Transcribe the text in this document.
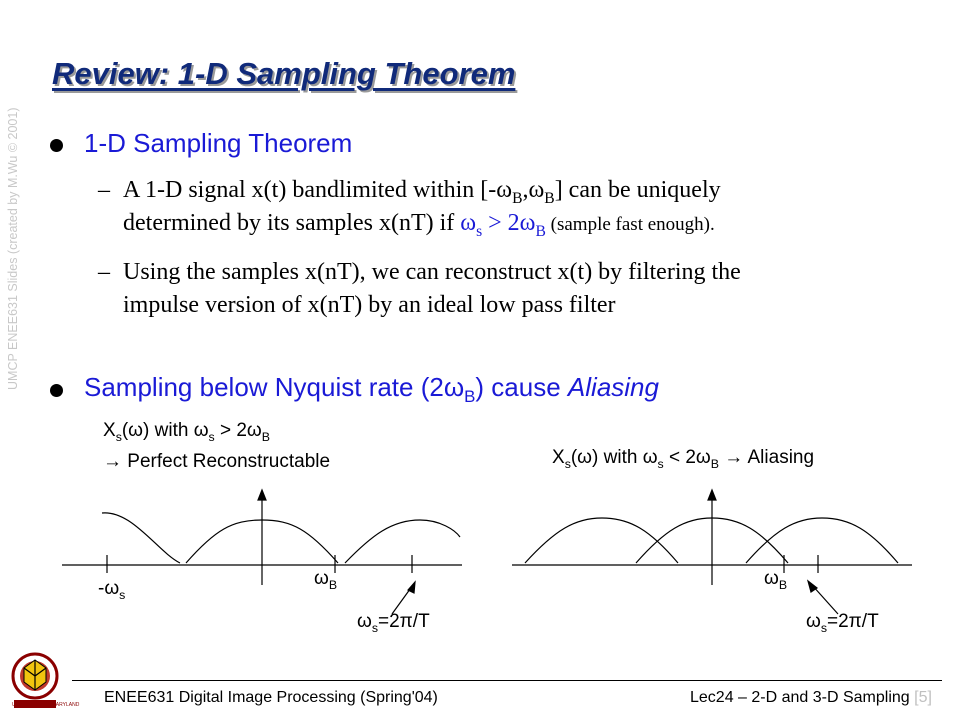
Review: 1-D Sampling Theorem
UMCP ENEE631 Slides (created by M.Wu © 2001) 1-D Sampling Theorem
– A 1-D signal x(t) bandlimited within $[-\omega_B,\omega_B]$ can be uniquely
determined by its samples x(nT) if $\omega_s > 2\omega_B$ (sample fast enough).
– Using the samples x(nT), we can reconstruct x(t) by filtering the
impulse version of x(nT) by an ideal low pass filter
Sampling below Nyquist rate $(2\omega_B)$ cause Aliasing
$X_s(\omega)$ with $\omega_s > 2\omega_B$
→ Perfect Reconstructable	$X_s(\omega)$ with $\omega_s < 2\omega_B$ → Aliasing
$-\omega_s$
$\omega_B$
$\omega_s=2\pi/T$
$\omega_B$
$\omega_s=2\pi/T$
UNIVERSITY OF MARYLAND ENEE631 Digital Image Processing (Spring'04)	Lec24 – 2-D and 3-D Sampling [5]
